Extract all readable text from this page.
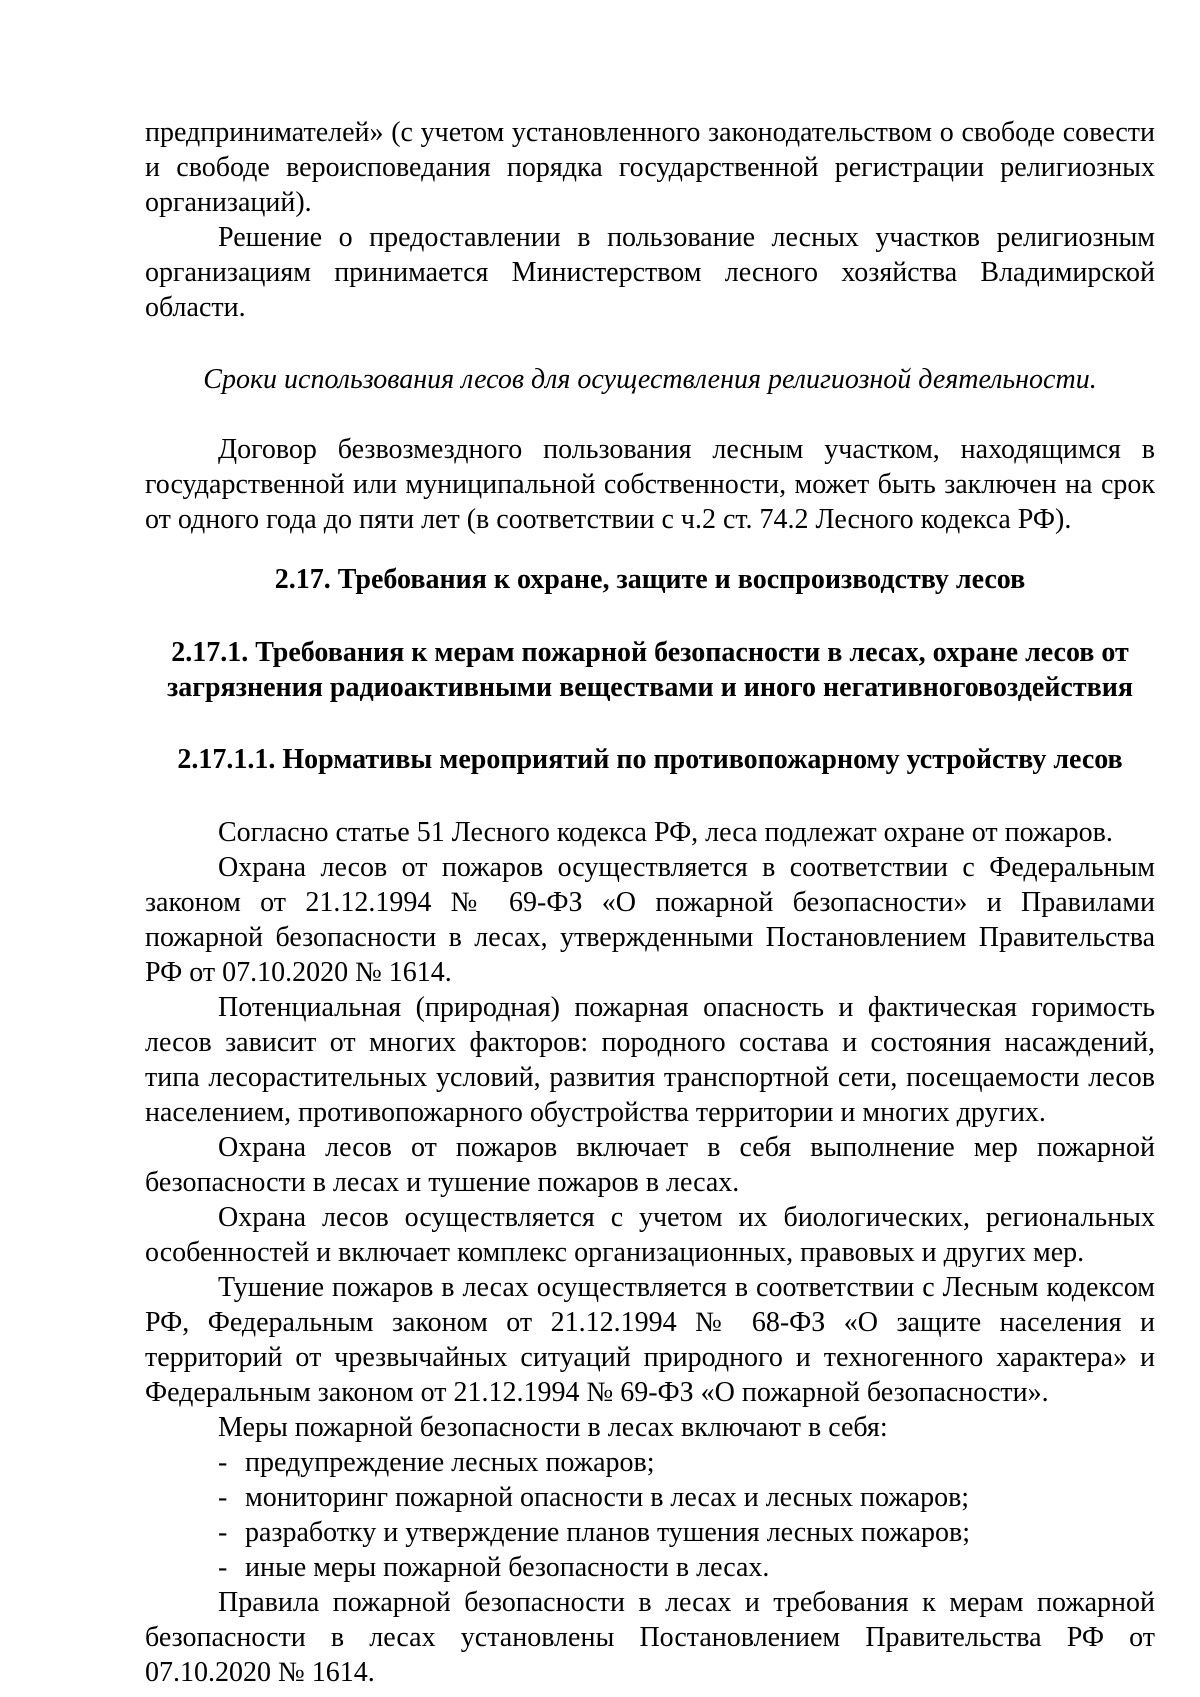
предпринимателей» (с учетом установленного законодательством о свободе совести и свободе вероисповедания порядка государственной регистрации религиозных организаций).

Решение о предоставлении в пользование лесных участков религиозным организациям принимается Министерством лесного хозяйства Владимирской области.

Сроки использования лесов для осуществления религиозной деятельности.

Договор безвозмездного пользования лесным участком, находящимся в государственной или муниципальной собственности, может быть заключен на срок от одного года до пяти лет (в соответствии с ч.2 ст. 74.2 Лесного кодекса РФ).

2.17. Требования к охране, защите и воспроизводству лесов

2.17.1. Требования к мерам пожарной безопасности в лесах, охране лесов от загрязнения радиоактивными веществами и иного негативноговоздействия

2.17.1.1. Нормативы мероприятий по противопожарному устройству лесов

Согласно статье 51 Лесного кодекса РФ, леса подлежат охране от пожаров.

Охрана лесов от пожаров осуществляется в соответствии с Федеральным законом от 21.12.1994 № 69-ФЗ «О пожарной безопасности» и Правилами пожарной безопасности в лесах, утвержденными Постановлением Правительства РФ от 07.10.2020 № 1614.

Потенциальная (природная) пожарная опасность и фактическая горимость лесов зависит от многих факторов: породного состава и состояния насаждений, типа лесорастительных условий, развития транспортной сети, посещаемости лесов населением, противопожарного обустройства территории и многих других.

Охрана лесов от пожаров включает в себя выполнение мер пожарной безопасности в лесах и тушение пожаров в лесах.

Охрана лесов осуществляется с учетом их биологических, региональных особенностей и включает комплекс организационных, правовых и других мер.

Тушение пожаров в лесах осуществляется в соответствии с Лесным кодексом РФ, Федеральным законом от 21.12.1994 № 68-ФЗ «О защите населения и территорий от чрезвычайных ситуаций природного и техногенного характера» и Федеральным законом от 21.12.1994 № 69-ФЗ «О пожарной безопасности».

Меры пожарной безопасности в лесах включают в себя:

- предупреждение лесных пожаров;
- мониторинг пожарной опасности в лесах и лесных пожаров;
- разработку и утверждение планов тушения лесных пожаров;
- иные меры пожарной безопасности в лесах.

Правила пожарной безопасности в лесах и требования к мерам пожарной безопасности в лесах установлены Постановлением Правительства РФ от 07.10.2020 № 1614.
